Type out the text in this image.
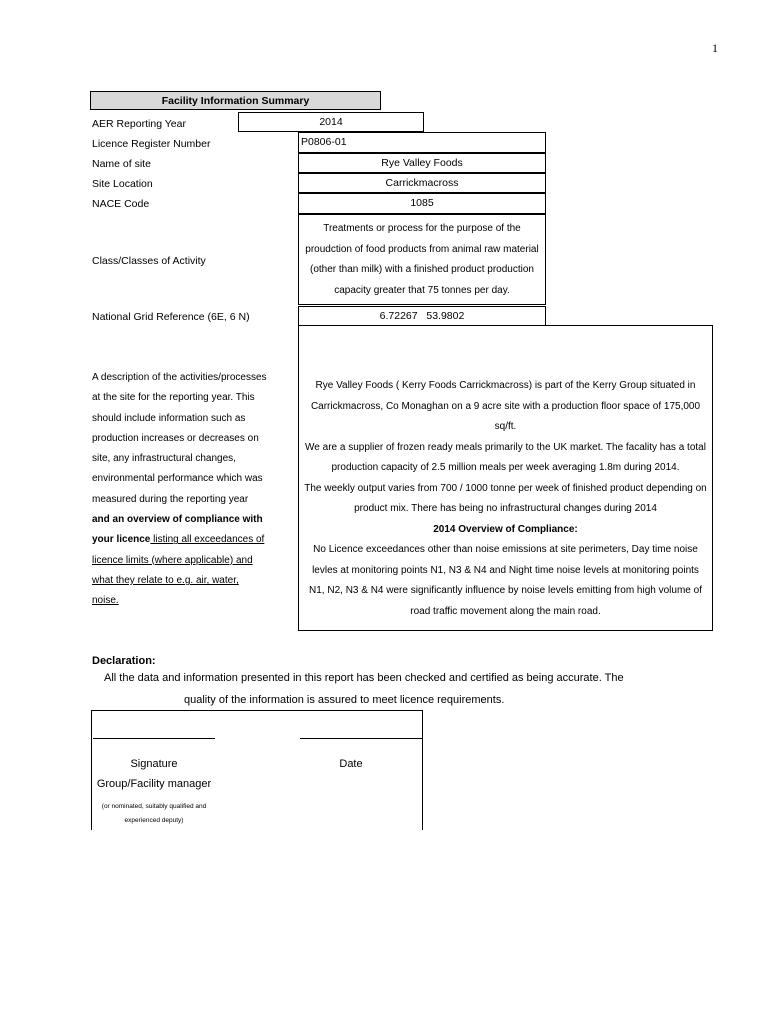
1
Facility Information Summary
AER Reporting Year
Licence Register Number
Name of site
Site Location
NACE Code
Class/Classes of Activity
National Grid Reference (6E, 6 N)
2014
P0806-01
Rye Valley Foods
Carrickmacross
1085
Treatments or process for the purpose of the proudction of food products from animal raw material (other than milk) with a finished product production capacity greater that 75 tonnes per day.
6.72267 53.9802
A description of the activities/processes at the site for the reporting year. This should include information such as production increases or decreases on site, any infrastructural changes, environmental performance which was measured during the reporting year and an overview of compliance with your licence listing all exceedances of licence limits (where applicable) and what they relate to e.g. air, water, noise.

Rye Valley Foods ( Kerry Foods Carrickmacross) is part of the Kerry Group situated in Carrickmacross, Co Monaghan on a 9 acre site with a production floor space of 175,000 sq/ft.

We are a supplier of frozen ready meals primarily to the UK market. The facality has a total production capacity of 2.5 million meals per week averaging 1.8m during 2014.

The weekly output varies from 700 / 1000 tonne per week of finished product depending on product mix. There has being no infrastructural changes during 2014

2014 Overview of Compliance:

No Licence exceedances other than noise emissions at site perimeters, Day time noise levles at monitoring points N1, N3 & N4 and Night time noise levels at monitoring points N1, N2, N3 & N4 were significantly influence by noise levels emitting from high volume of road traffic movement along the main road.

Declaration:
All the data and information presented in this report has been checked and certified as being accurate. The
quality of the information is assured to meet licence requirements.
Signature
Group/Facility manager
(or nominated, suitably qualified and
experienced deputy)
Date
